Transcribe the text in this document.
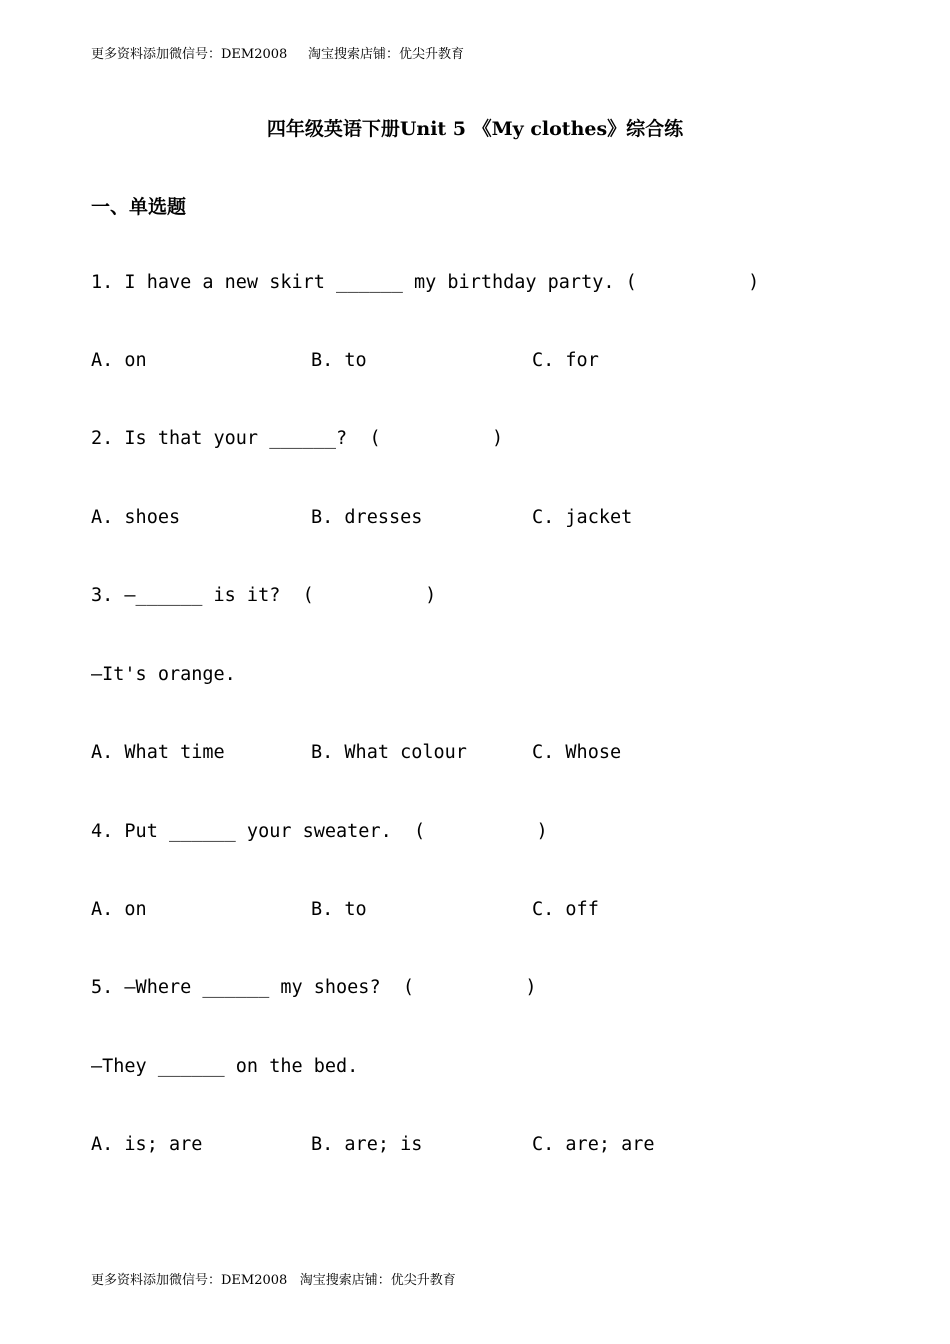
更多资料添加微信号：DEM2008     淘宝搜索店铺：优尖升教育
四年级英语下册Unit 5 《My clothes》综合练
一、单选题
1. I have a new skirt ______ my birthday party. (          )
A. on	B. to	C. for
2. Is that your ______?  (          )
A. shoes	B. dresses	C. jacket
3. —______ is it?  (          )
—It's orange.
A. What time	B. What colour	C. Whose
4. Put ______ your sweater.  (          )
A. on	B. to	C. off
5. —Where ______ my shoes?  (          )
—They ______ on the bed.
A. is; are	B. are; is	C. are; are
更多资料添加微信号：DEM2008   淘宝搜索店铺：优尖升教育
